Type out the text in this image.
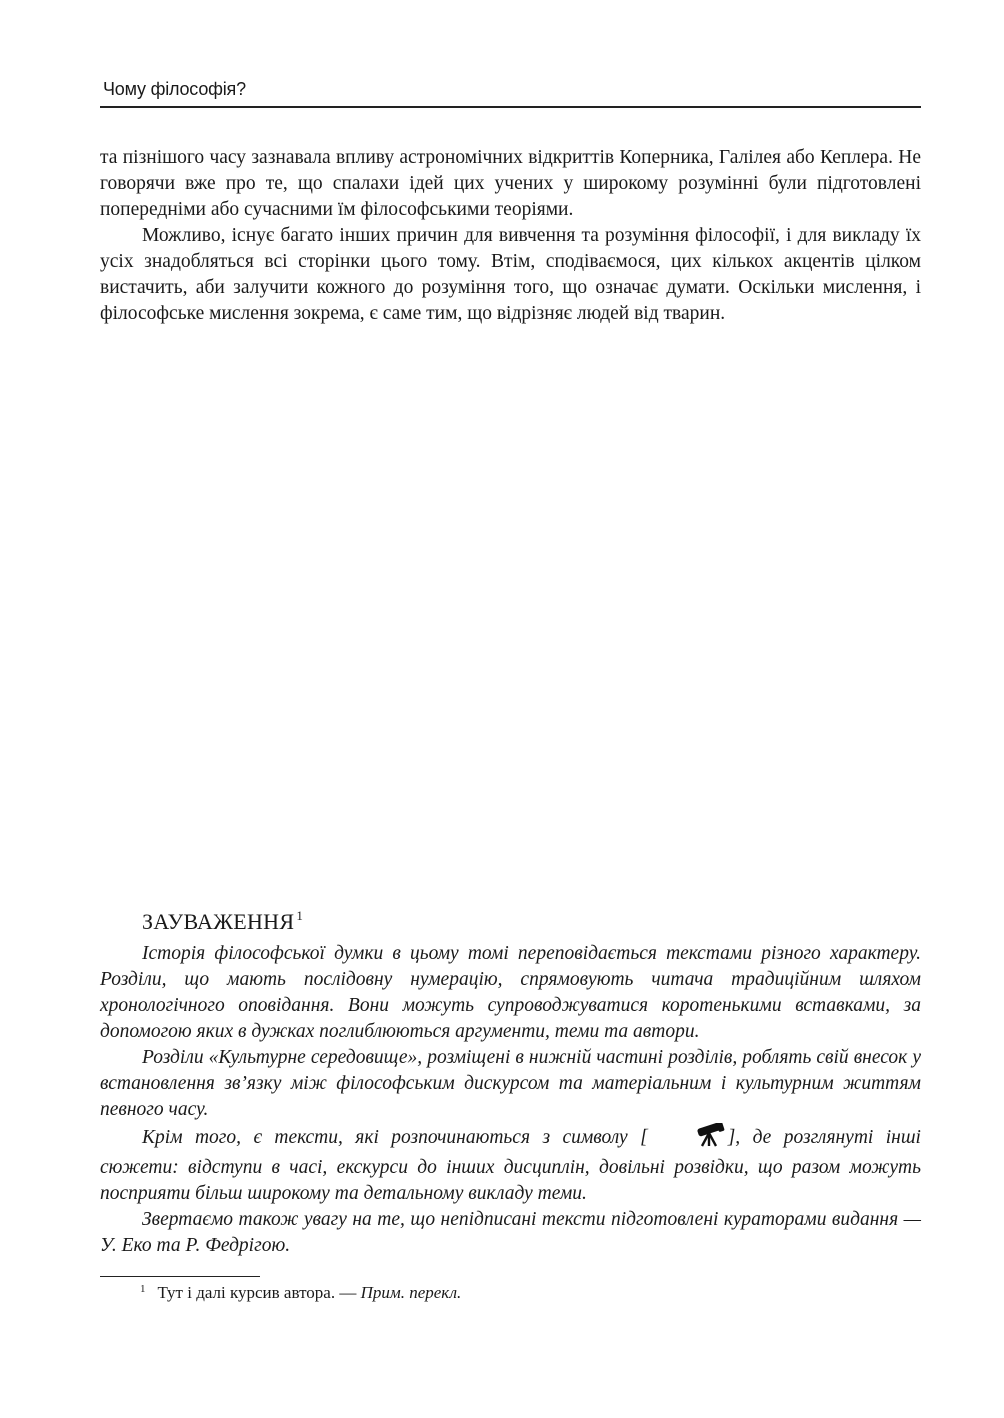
Чому філософія?

та пізнішого часу зазнавала впливу астрономічних відкриттів Коперника, Галілея або Кеплера. Не говорячи вже про те, що спалахи ідей цих учених у широкому розумінні були підготовлені попередніми або сучасними їм філософськими теоріями.

Можливо, існує багато інших причин для вивчення та розуміння філософії, і для викладу їх усіх знадобляться всі сторінки цього тому. Втім, сподіваємося, цих кількох акцентів цілком вистачить, аби залучити кожного до розуміння того, що означає думати. Оскільки мислення, і філософське мислення зокрема, є саме тим, що відрізняє людей від тварин.

ЗАУВАЖЕННЯ $^1$

Історія філософської думки в цьому томі переповідається текстами різного характеру. Розділи, що мають послідовну нумерацію, спрямовують читача традиційним шляхом хронологічного оповідання. Вони можуть супроводжуватися коротенькими вставками, за допомогою яких в дужках поглиблюються аргументи, теми та автори.

Розділи «Культурне середовище», розміщені в нижній частині розділів, роблять свій внесок у встановлення зв’язку між філософським дискурсом та матеріальним і культурним життям певного часу.

Крім того, є тексти, які розпочинаються з символу [	], де розглянуті інші сюжети: відступи в часі, екскурси до інших дисциплін, довільні розвідки, що разом можуть посприяти більш широкому та детальному викладу теми.

Звертаємо також увагу на те, що непідписані тексти підготовлені кураторами видання — У. Еко та Р. Федрігою.

$^1$ Тут і далі курсив автора. — Прим. перекл.
